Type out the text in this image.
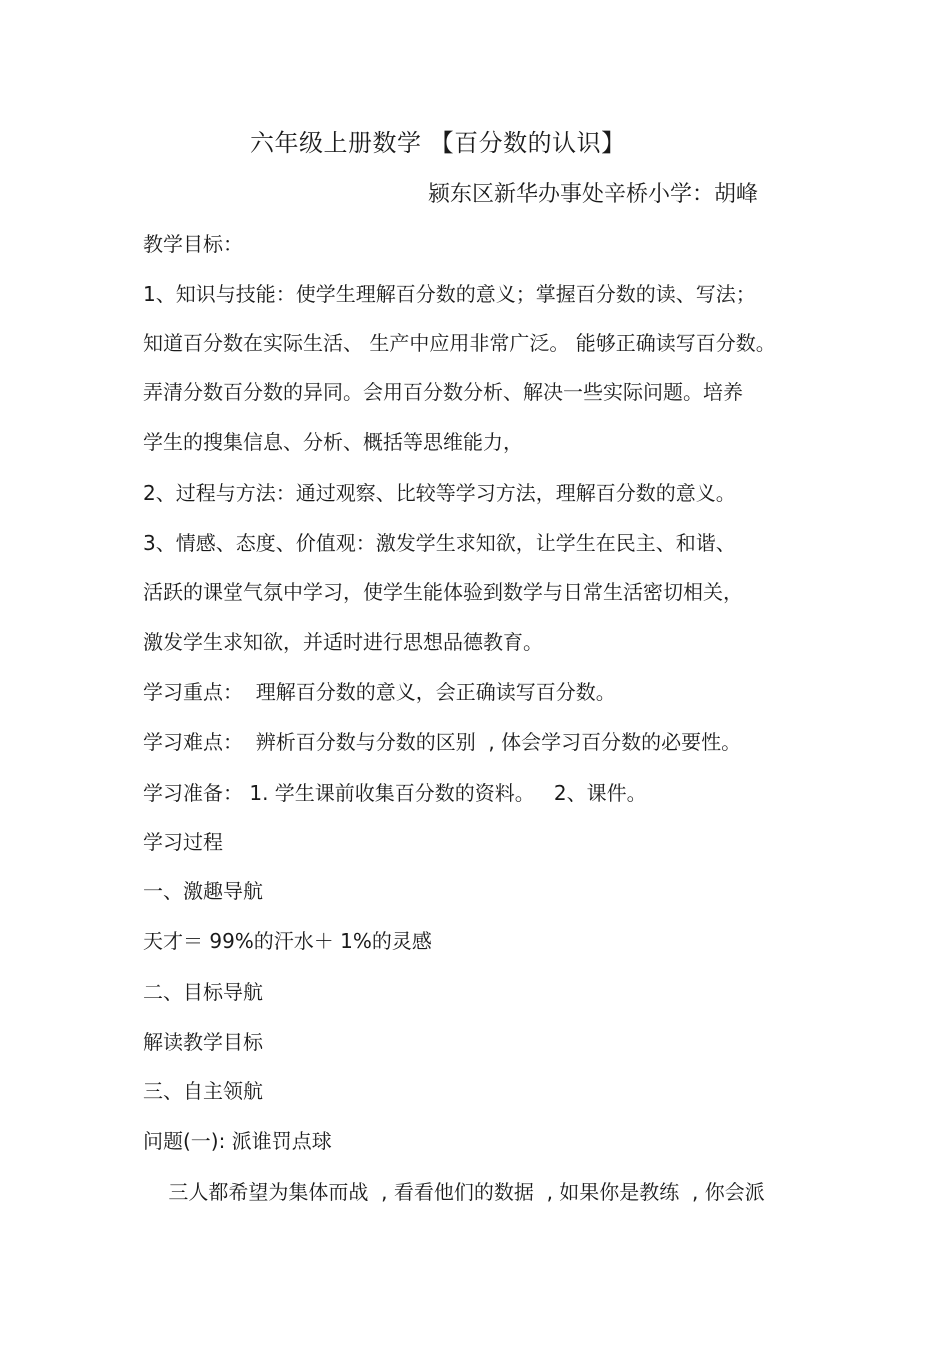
六年级上册数学 【百分数的认识】
颍东区新华办事处辛桥小学：胡峰
教学目标：
1、知识与技能：使学生理解百分数的意义；掌握百分数的读、写法；
知道百分数在实际生活、 生产中应用非常广泛。 能够正确读写百分数。
弄清分数百分数的异同。会用百分数分析、解决一些实际问题。培养
学生的搜集信息、分析、概括等思维能力，
2、过程与方法：通过观察、比较等学习方法，理解百分数的意义。
3、情感、态度、价值观：激发学生求知欲，让学生在民主、和谐、
活跃的课堂气氛中学习，使学生能体验到数学与日常生活密切相关，
激发学生求知欲，并适时进行思想品德教育。
学习重点：  理解百分数的意义，会正确读写百分数。
学习难点：  辨析百分数与分数的区别  , 体会学习百分数的必要性。
学习准备： 1. 学生课前收集百分数的资料。   2、课件。
学习过程
一、激趣导航
天才＝ 99%的汗水＋ 1%的灵感
二、目标导航
解读教学目标
三、自主领航
问题(一): 派谁罚点球
三人都希望为集体而战  , 看看他们的数据  , 如果你是教练  , 你会派
